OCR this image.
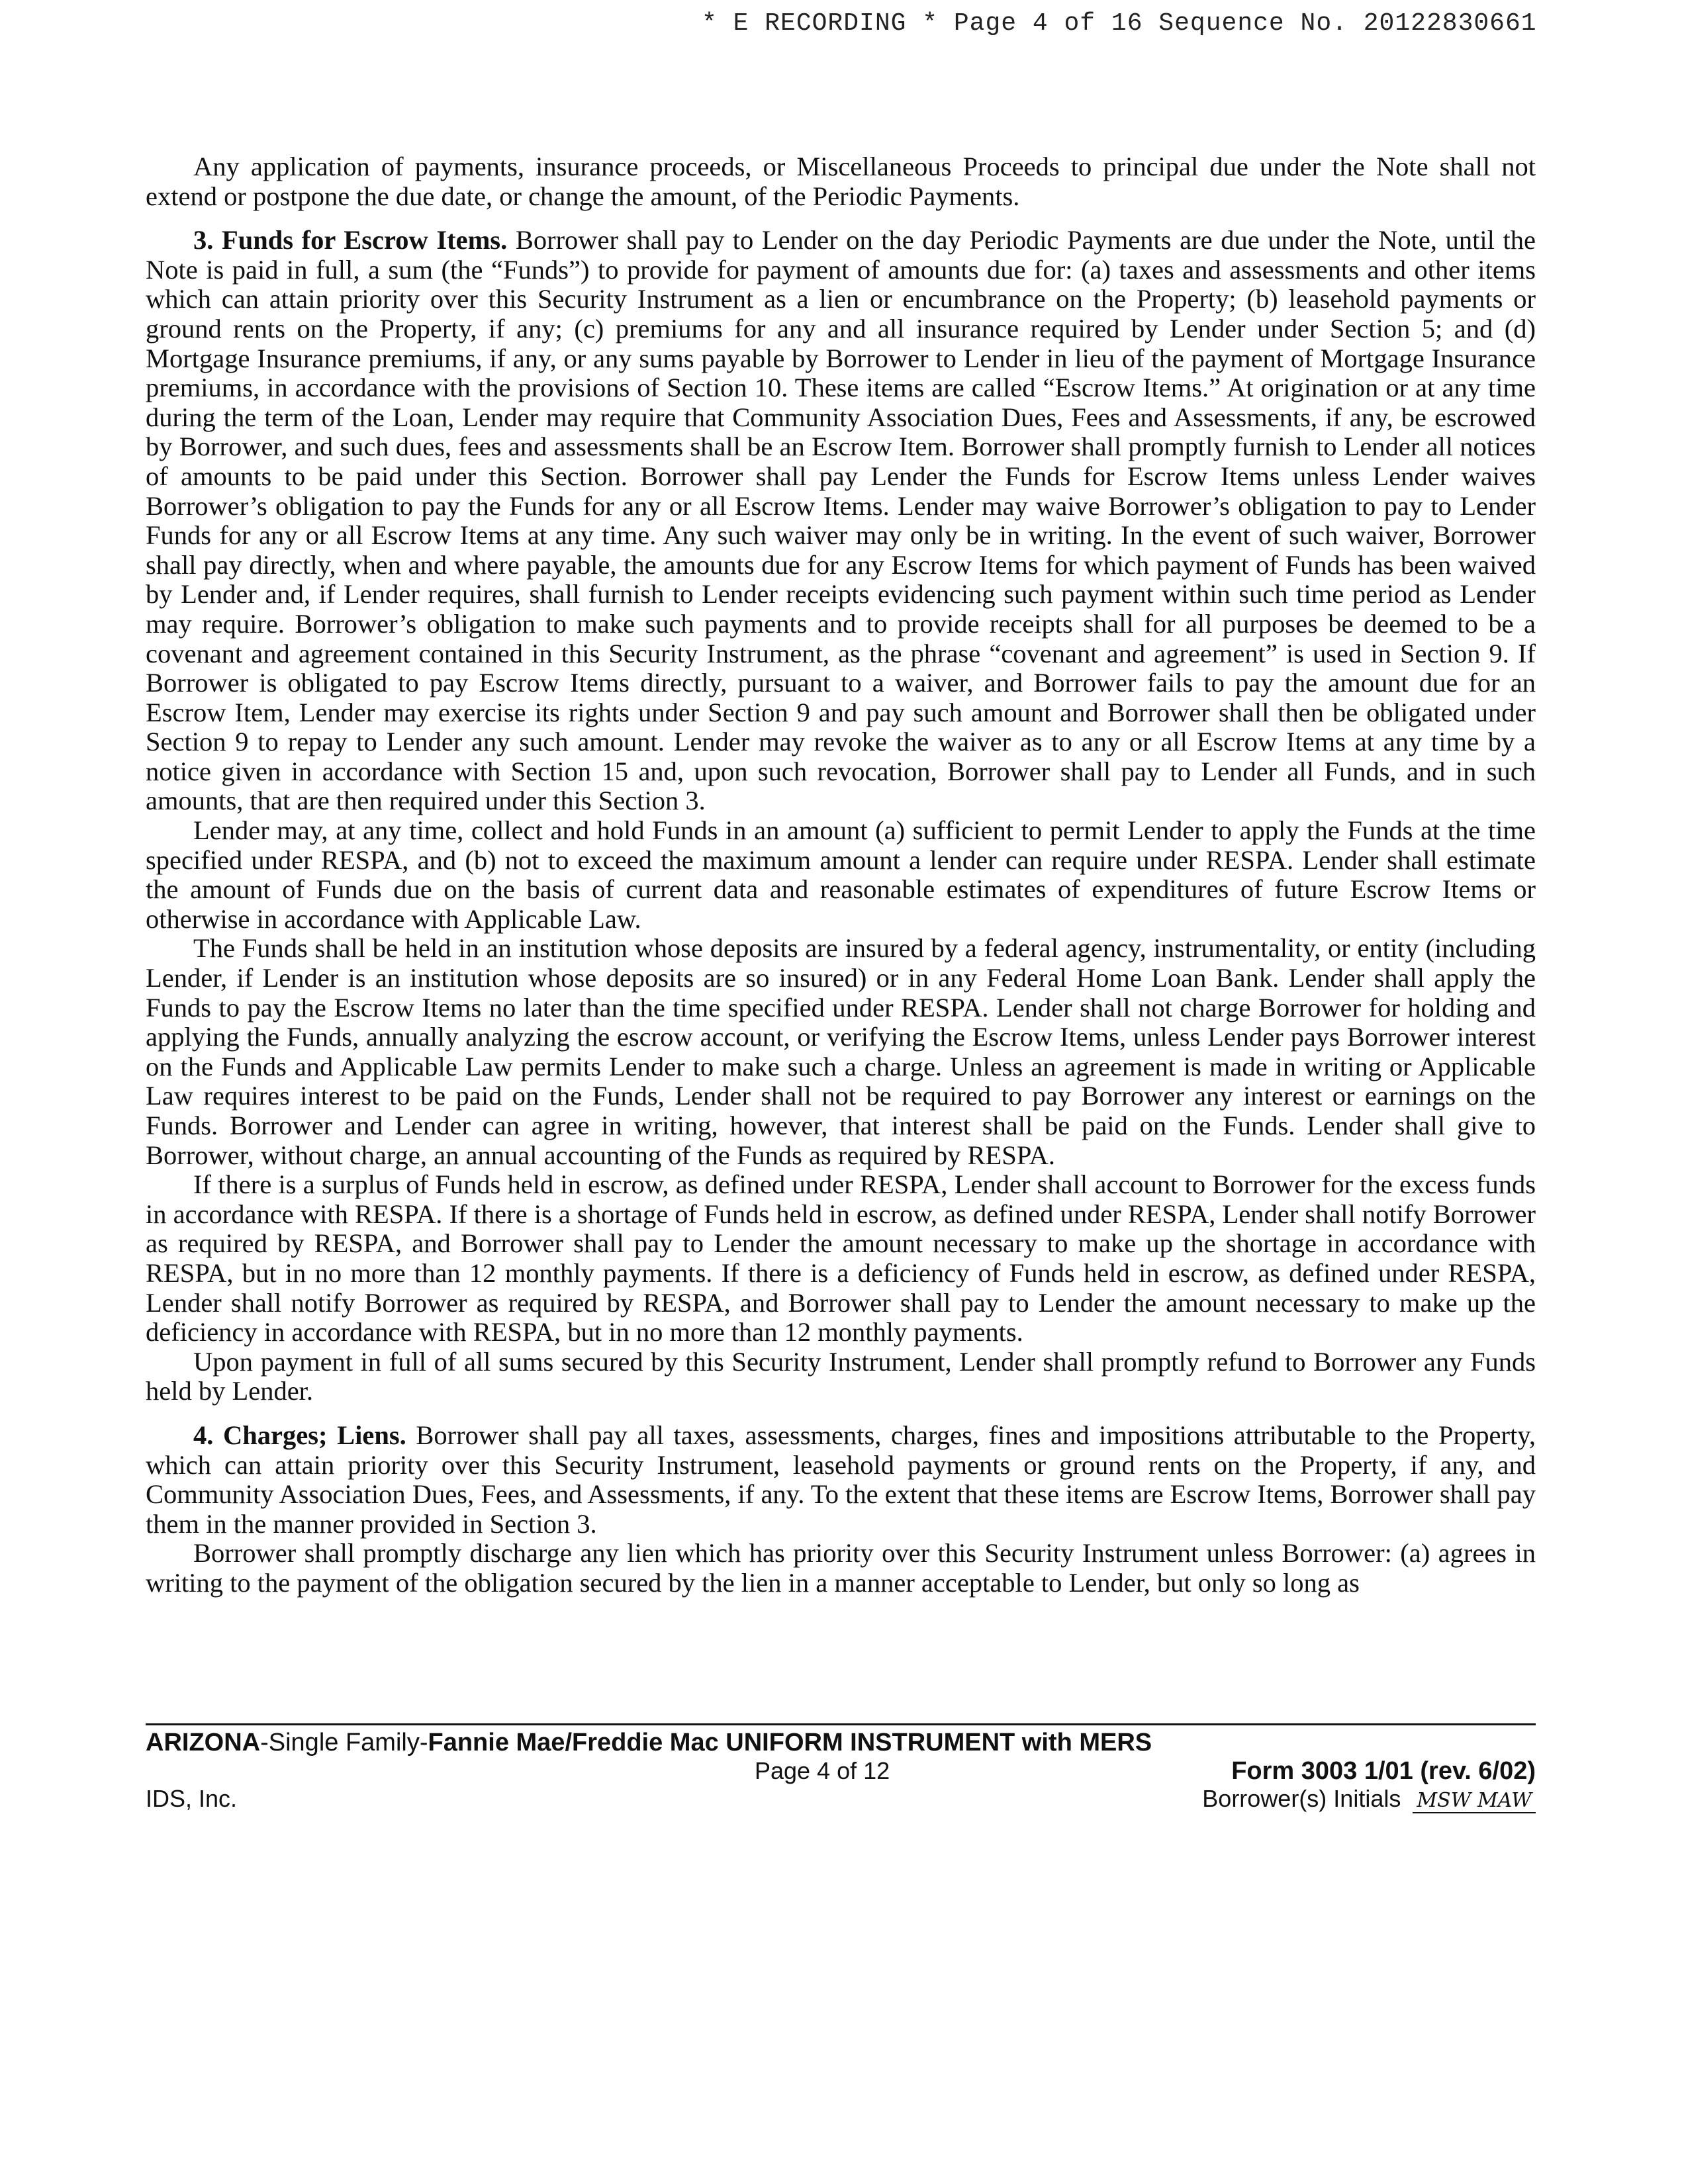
* E RECORDING * Page 4 of 16 Sequence No. 20122830661

Any application of payments, insurance proceeds, or Miscellaneous Proceeds to principal due under the Note shall not extend or postpone the due date, or change the amount, of the Periodic Payments.

3. Funds for Escrow Items. Borrower shall pay to Lender on the day Periodic Payments are due under the Note, until the Note is paid in full, a sum (the “Funds”) to provide for payment of amounts due for: (a) taxes and assessments and other items which can attain priority over this Security Instrument as a lien or encumbrance on the Property; (b) leasehold payments or ground rents on the Property, if any; (c) premiums for any and all insurance required by Lender under Section 5; and (d) Mortgage Insurance premiums, if any, or any sums payable by Borrower to Lender in lieu of the payment of Mortgage Insurance premiums, in accordance with the provisions of Section 10. These items are called “Escrow Items.” At origination or at any time during the term of the Loan, Lender may require that Community Association Dues, Fees and Assessments, if any, be escrowed by Borrower, and such dues, fees and assessments shall be an Escrow Item. Borrower shall promptly furnish to Lender all notices of amounts to be paid under this Section. Borrower shall pay Lender the Funds for Escrow Items unless Lender waives Borrower’s obligation to pay the Funds for any or all Escrow Items. Lender may waive Borrower’s obligation to pay to Lender Funds for any or all Escrow Items at any time. Any such waiver may only be in writing. In the event of such waiver, Borrower shall pay directly, when and where payable, the amounts due for any Escrow Items for which payment of Funds has been waived by Lender and, if Lender requires, shall furnish to Lender receipts evidencing such payment within such time period as Lender may require. Borrower’s obligation to make such payments and to provide receipts shall for all purposes be deemed to be a covenant and agreement contained in this Security Instrument, as the phrase “covenant and agreement” is used in Section 9. If Borrower is obligated to pay Escrow Items directly, pursuant to a waiver, and Borrower fails to pay the amount due for an Escrow Item, Lender may exercise its rights under Section 9 and pay such amount and Borrower shall then be obligated under Section 9 to repay to Lender any such amount. Lender may revoke the waiver as to any or all Escrow Items at any time by a notice given in accordance with Section 15 and, upon such revocation, Borrower shall pay to Lender all Funds, and in such amounts, that are then required under this Section 3.

Lender may, at any time, collect and hold Funds in an amount (a) sufficient to permit Lender to apply the Funds at the time specified under RESPA, and (b) not to exceed the maximum amount a lender can require under RESPA. Lender shall estimate the amount of Funds due on the basis of current data and reasonable estimates of expenditures of future Escrow Items or otherwise in accordance with Applicable Law.

The Funds shall be held in an institution whose deposits are insured by a federal agency, instrumentality, or entity (including Lender, if Lender is an institution whose deposits are so insured) or in any Federal Home Loan Bank. Lender shall apply the Funds to pay the Escrow Items no later than the time specified under RESPA. Lender shall not charge Borrower for holding and applying the Funds, annually analyzing the escrow account, or verifying the Escrow Items, unless Lender pays Borrower interest on the Funds and Applicable Law permits Lender to make such a charge. Unless an agreement is made in writing or Applicable Law requires interest to be paid on the Funds, Lender shall not be required to pay Borrower any interest or earnings on the Funds. Borrower and Lender can agree in writing, however, that interest shall be paid on the Funds. Lender shall give to Borrower, without charge, an annual accounting of the Funds as required by RESPA.

If there is a surplus of Funds held in escrow, as defined under RESPA, Lender shall account to Borrower for the excess funds in accordance with RESPA. If there is a shortage of Funds held in escrow, as defined under RESPA, Lender shall notify Borrower as required by RESPA, and Borrower shall pay to Lender the amount necessary to make up the shortage in accordance with RESPA, but in no more than 12 monthly payments. If there is a deficiency of Funds held in escrow, as defined under RESPA, Lender shall notify Borrower as required by RESPA, and Borrower shall pay to Lender the amount necessary to make up the deficiency in accordance with RESPA, but in no more than 12 monthly payments.

Upon payment in full of all sums secured by this Security Instrument, Lender shall promptly refund to Borrower any Funds held by Lender.

4. Charges; Liens. Borrower shall pay all taxes, assessments, charges, fines and impositions attributable to the Property, which can attain priority over this Security Instrument, leasehold payments or ground rents on the Property, if any, and Community Association Dues, Fees, and Assessments, if any. To the extent that these items are Escrow Items, Borrower shall pay them in the manner provided in Section 3.

Borrower shall promptly discharge any lien which has priority over this Security Instrument unless Borrower: (a) agrees in writing to the payment of the obligation secured by the lien in a manner acceptable to Lender, but only so long as

ARIZONA-Single Family-Fannie Mae/Freddie Mac UNIFORM INSTRUMENT with MERS
Page 4 of 12	Form 3003 1/01 (rev. 6/02)
IDS, Inc.	Borrower(s) Initials MSW MAW
